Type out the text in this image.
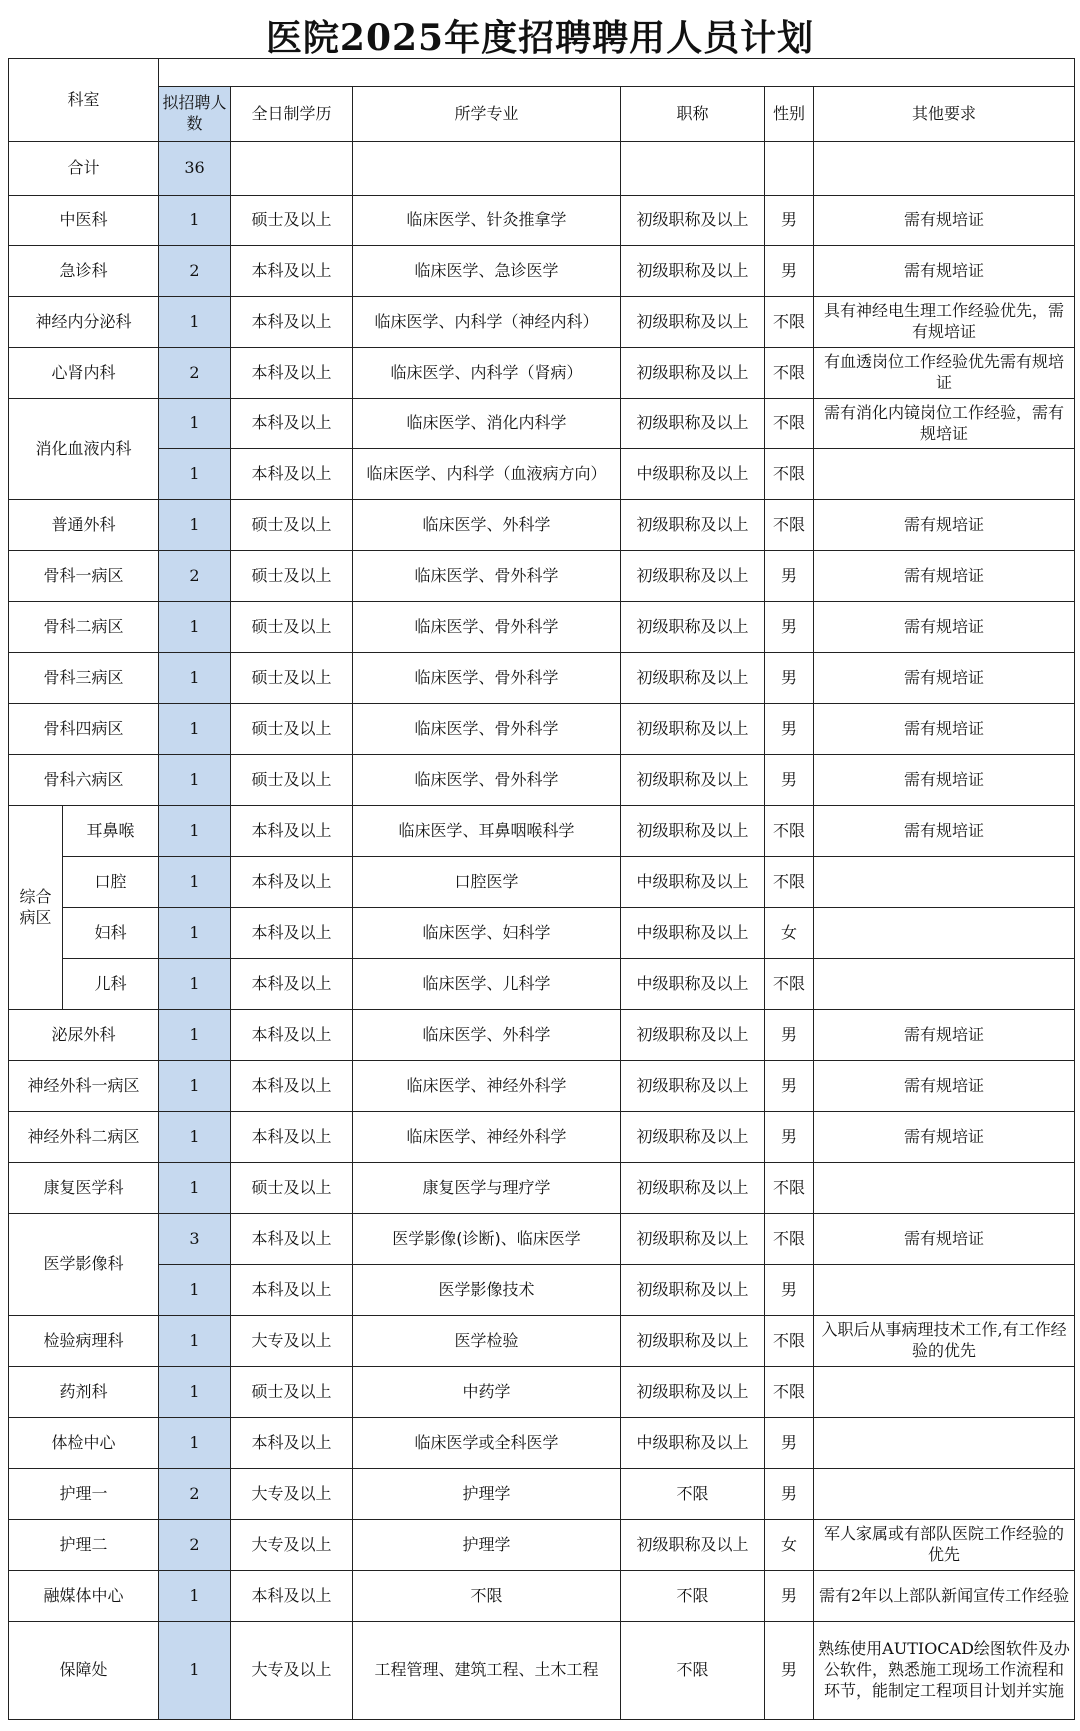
医院2025年度招聘聘用人员计划
科室							
		拟招聘人数	全日制学历	所学专业	职称	性别	其他要求
合计		36					
中医科		1	硕士及以上	临床医学、针灸推拿学	初级职称及以上	男	需有规培证
急诊科		2	本科及以上	临床医学、急诊医学	初级职称及以上	男	需有规培证
神经内分泌科		1	本科及以上	临床医学、内科学（神经内科）	初级职称及以上	不限	具有神经电生理工作经验优先，需有规培证
心肾内科		2	本科及以上	临床医学、内科学（肾病）	初级职称及以上	不限	有血透岗位工作经验优先需有规培证
消化血液内科		1	本科及以上	临床医学、消化内科学	初级职称及以上	不限	需有消化内镜岗位工作经验，需有规培证
		1	本科及以上	临床医学、内科学（血液病方向）	中级职称及以上	不限	
普通外科		1	硕士及以上	临床医学、外科学	初级职称及以上	不限	需有规培证
骨科一病区		2	硕士及以上	临床医学、骨外科学	初级职称及以上	男	需有规培证
骨科二病区		1	硕士及以上	临床医学、骨外科学	初级职称及以上	男	需有规培证
骨科三病区		1	硕士及以上	临床医学、骨外科学	初级职称及以上	男	需有规培证
骨科四病区		1	硕士及以上	临床医学、骨外科学	初级职称及以上	男	需有规培证
骨科六病区		1	硕士及以上	临床医学、骨外科学	初级职称及以上	男	需有规培证
综合病区	耳鼻喉	1	本科及以上	临床医学、耳鼻咽喉科学	初级职称及以上	不限	需有规培证
	口腔	1	本科及以上	口腔医学	中级职称及以上	不限	
	妇科	1	本科及以上	临床医学、妇科学	中级职称及以上	女	
	儿科	1	本科及以上	临床医学、儿科学	中级职称及以上	不限	
泌尿外科		1	本科及以上	临床医学、外科学	初级职称及以上	男	需有规培证
神经外科一病区		1	本科及以上	临床医学、神经外科学	初级职称及以上	男	需有规培证
神经外科二病区		1	本科及以上	临床医学、神经外科学	初级职称及以上	男	需有规培证
康复医学科		1	硕士及以上	康复医学与理疗学	初级职称及以上	不限	
医学影像科		3	本科及以上	医学影像(诊断)、临床医学	初级职称及以上	不限	需有规培证
		1	本科及以上	医学影像技术	初级职称及以上	男	
检验病理科		1	大专及以上	医学检验	初级职称及以上	不限	入职后从事病理技术工作,有工作经验的优先
药剂科		1	硕士及以上	中药学	初级职称及以上	不限	
体检中心		1	本科及以上	临床医学或全科医学	中级职称及以上	男	
护理一		2	大专及以上	护理学	不限	男	
护理二		2	大专及以上	护理学	初级职称及以上	女	军人家属或有部队医院工作经验的优先
融媒体中心		1	本科及以上	不限	不限	男	需有2年以上部队新闻宣传工作经验
保障处		1	大专及以上	工程管理、建筑工程、土木工程	不限	男	熟练使用AUTIOCAD绘图软件及办公软件，熟悉施工现场工作流程和环节，能制定工程项目计划并实施
